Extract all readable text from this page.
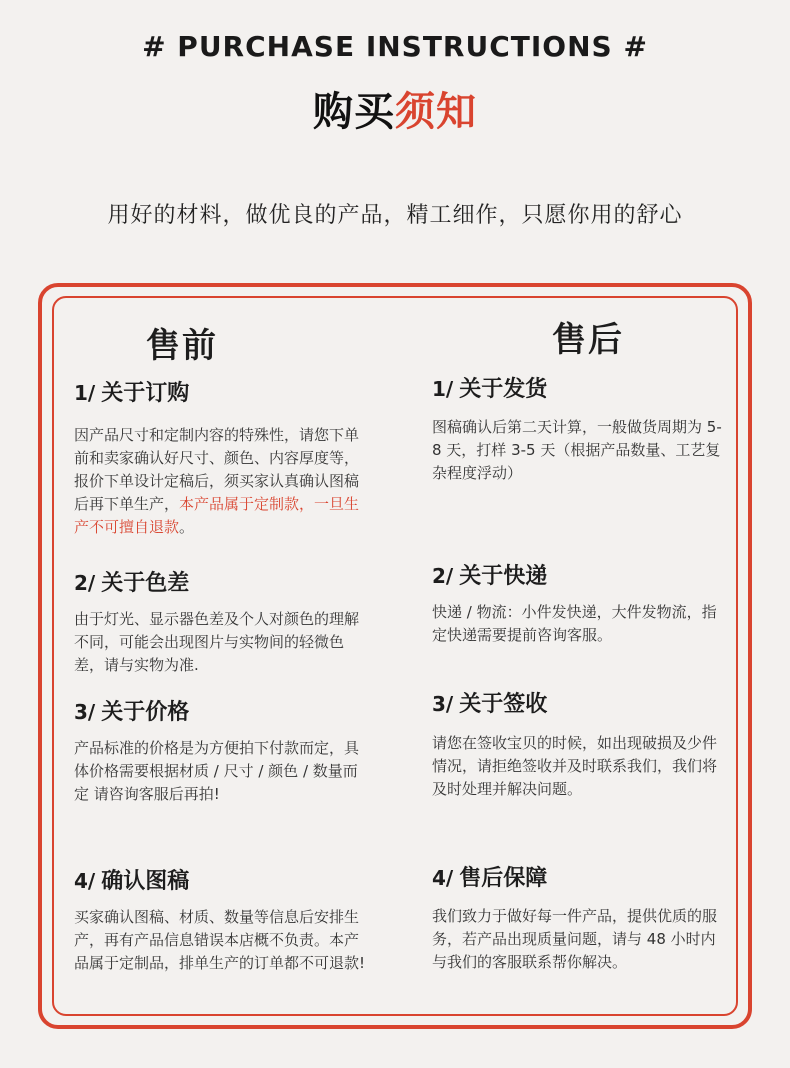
# PURCHASE INSTRUCTIONS #
购买须知
用好的材料，做优良的产品，精工细作，只愿你用的舒心
售前
1/ 关于订购
因产品尺寸和定制内容的特殊性，请您下单前和卖家确认好尺寸、颜色、内容厚度等，报价下单设计定稿后，须买家认真确认图稿后再下单生产，本产品属于定制款，一旦生产不可擅自退款。
2/ 关于色差
由于灯光、显示器色差及个人对颜色的理解不同，可能会出现图片与实物间的轻微色差，请与实物为准.
3/ 关于价格
产品标准的价格是为方便拍下付款而定，具体价格需要根据材质 / 尺寸 / 颜色 / 数量而定 请咨询客服后再拍!
4/ 确认图稿
买家确认图稿、材质、数量等信息后安排生产，再有产品信息错误本店概不负责。本产品属于定制品，排单生产的订单都不可退款!
售后
1/ 关于发货
图稿确认后第二天计算，一般做货周期为 5-8 天，打样 3-5 天（根据产品数量、工艺复杂程度浮动）
2/ 关于快递
快递 / 物流：小件发快递，大件发物流，指定快递需要提前咨询客服。
3/ 关于签收
请您在签收宝贝的时候，如出现破损及少件情况，请拒绝签收并及时联系我们，我们将及时处理并解决问题。
4/ 售后保障
我们致力于做好每一件产品，提供优质的服务，若产品出现质量问题，请与 48 小时内与我们的客服联系帮你解决。
